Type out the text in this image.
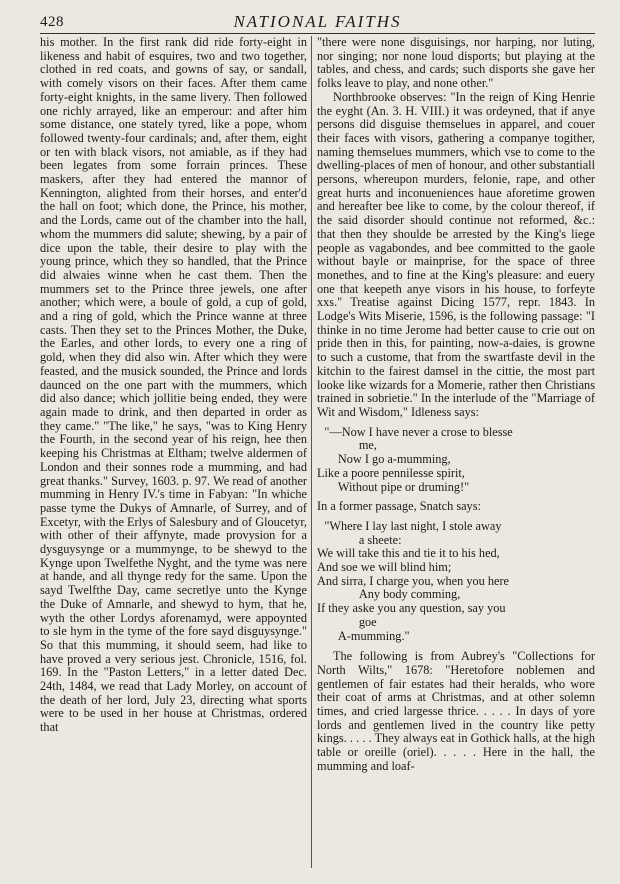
428	NATIONAL FAITHS

his mother. In the first rank did ride forty-eight in likeness and habit of esquires, two and two together, clothed in red coats, and gowns of say, or sandall, with comely visors on their faces. After them came forty-eight knights, in the same livery. Then followed one richly arrayed, like an emperour: and after him some distance, one stately tyred, like a pope, whom followed twenty-four cardinals; and, after them, eight or ten with black visors, not amiable, as if they had been legates from some forrain princes. These maskers, after they had entered the mannor of Kennington, alighted from their horses, and enter'd the hall on foot; which done, the Prince, his mother, and the Lords, came out of the chamber into the hall, whom the mummers did salute; shewing, by a pair of dice upon the table, their desire to play with the young prince, which they so handled, that the Prince did alwaies winne when he cast them. Then the mummers set to the Prince three jewels, one after another; which were, a boule of gold, a cup of gold, and a ring of gold, which the Prince wanne at three casts. Then they set to the Princes Mother, the Duke, the Earles, and other lords, to every one a ring of gold, when they did also win. After which they were feasted, and the musick sounded, the Prince and lords daunced on the one part with the mummers, which did also dance; which jollitie being ended, they were again made to drink, and then departed in order as they came." "The like," he says, "was to King Henry the Fourth, in the second year of his reign, hee then keeping his Christmas at Eltham; twelve aldermen of London and their sonnes rode a mumming, and had great thanks." Survey, 1603. p. 97. We read of another mumming in Henry IV.'s time in Fabyan: "In whiche passe tyme the Dukys of Amnarle, of Surrey, and of Excetyr, with the Erlys of Salesbury and of Gloucetyr, with other of their affynyte, made provysion for a dysguysynge or a mummynge, to be shewyd to the Kynge upon Twelfethe Nyght, and the tyme was nere at hande, and all thynge redy for the same. Upon the sayd Twelfthe Day, came secretlye unto the Kynge the Duke of Amnarle, and shewyd to hym, that he, wyth the other Lordys aforenamyd, were appoynted to sle hym in the tyme of the fore sayd disguysynge." So that this mumming, it should seem, had like to have proved a very serious jest. Chronicle, 1516, fol. 169. In the "Paston Letters," in a letter dated Dec. 24th, 1484, we read that Lady Morley, on account of the death of her lord, July 23, directing what sports were to be used in her house at Christmas, ordered that

"there were none disguisings, nor harping, nor luting, nor singing; nor none loud disports; but playing at the tables, and chess, and cards; such disports she gave her folks leave to play, and none other."

Northbrooke observes: "In the reign of King Henrie the eyght (An. 3. H. VIII.) it was ordeyned, that if anye persons did disguise themselues in apparel, and couer their faces with visors, gathering a companye togither, naming themselues mummers, which vse to come to the dwelling-places of men of honour, and other substantiall persons, whereupon murders, felonie, rape, and other great hurts and inconueniences haue aforetime growen and hereafter bee like to come, by the colour thereof, if the said disorder should continue not reformed, &c.: that then they shoulde be arrested by the King's liege people as vagabondes, and bee committed to the gaole without bayle or mainprise, for the space of three monethes, and to fine at the King's pleasure: and euery one that keepeth anye visors in his house, to forfeyte xxs." Treatise against Dicing 1577, repr. 1843. In Lodge's Wits Miserie, 1596, is the following passage: "I thinke in no time Jerome had better cause to crie out on pride then in this, for painting, now-a-daies, is growne to such a custome, that from the swartfaste devil in the kitchin to the fairest damsel in the cittie, the most part looke like wizards for a Momerie, rather then Christians trained in sobrietie." In the interlude of the "Marriage of Wit and Wisdom," Idleness says:

"—Now I have never a crose to blesse
me,
Now I go a-mumming,
Like a poore pennilesse spirit,
Without pipe or druming!"

In a former passage, Snatch says:

"Where I lay last night, I stole away
a sheete:
We will take this and tie it to his hed,
And soe we will blind him;
And sirra, I charge you, when you here
Any body comming,
If they aske you any question, say you
goe
A-mumming."

The following is from Aubrey's "Collections for North Wilts," 1678: "Heretofore noblemen and gentlemen of fair estates had their heralds, who wore their coat of arms at Christmas, and at other solemn times, and cried largesse thrice. . . . . In days of yore lords and gentlemen lived in the country like petty kings. . . . . They always eat in Gothick halls, at the high table or oreille (oriel). . . . . Here in the hall, the mumming and loaf-
